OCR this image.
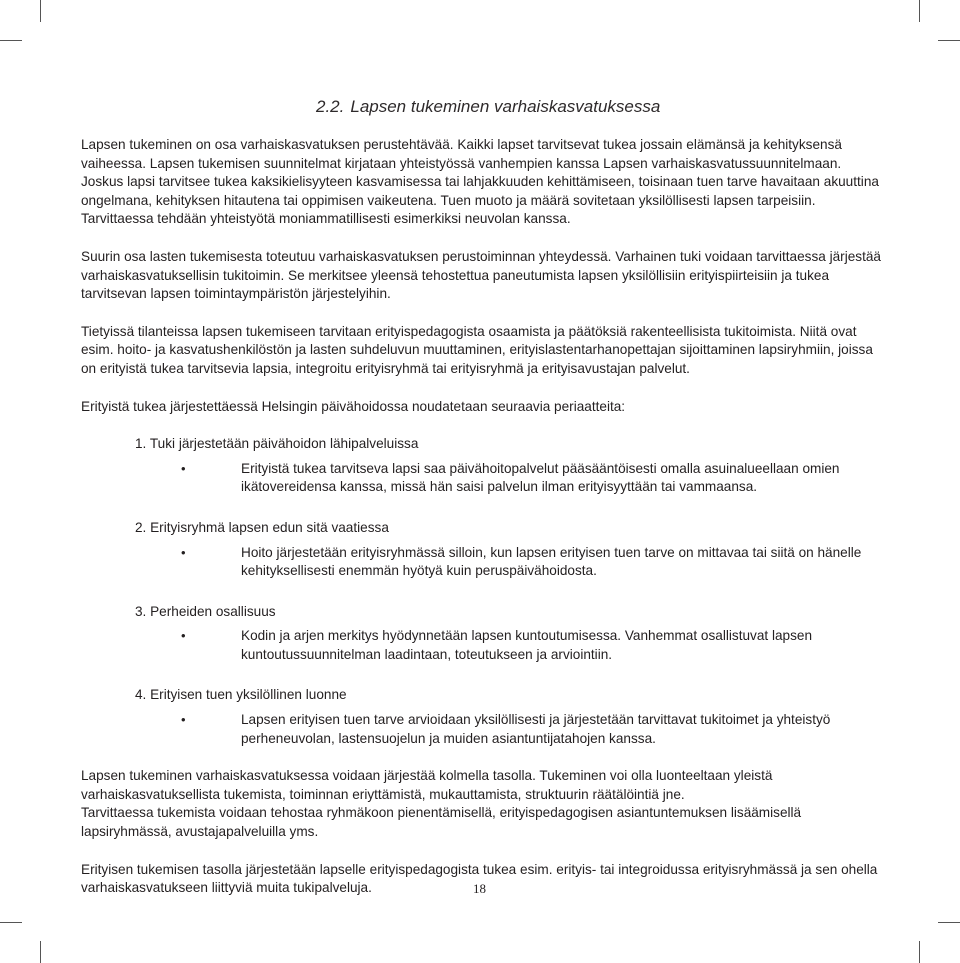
2.2. Lapsen tukeminen varhaiskasvatuksessa

Lapsen tukeminen on osa varhaiskasvatuksen perustehtävää. Kaikki lapset tarvitsevat tukea jossain elämänsä ja kehityksensä vaiheessa. Lapsen tukemisen suunnitelmat kirjataan yhteistyössä vanhempien kanssa Lapsen varhaiskasvatussuunnitelmaan. Joskus lapsi tarvitsee tukea kaksikielisyyteen kasvamisessa tai lahjakkuuden kehittämiseen, toisinaan tuen tarve havaitaan akuuttina ongelmana, kehityksen hitautena tai oppimisen vaikeutena. Tuen muoto ja määrä sovitetaan yksilöllisesti lapsen tarpeisiin. Tarvittaessa tehdään yhteistyötä moniammatillisesti esimerkiksi neuvolan kanssa.

Suurin osa lasten tukemisesta toteutuu varhaiskasvatuksen perustoiminnan yhteydessä. Varhainen tuki voidaan tarvittaessa järjestää varhaiskasvatuksellisin tukitoimin. Se merkitsee yleensä tehostettua paneutumista lapsen yksilöllisiin erityispiirteisiin ja tukea tarvitsevan lapsen toimintaympäristön järjestelyihin.

Tietyissä tilanteissa lapsen tukemiseen tarvitaan erityispedagogista osaamista ja päätöksiä rakenteellisista tukitoimista. Niitä ovat esim. hoito- ja kasvatushenkilöstön ja lasten suhdeluvun muuttaminen, erityislastentarhanopettajan sijoittaminen lapsiryhmiin, joissa on erityistä tukea tarvitsevia lapsia, integroitu erityisryhmä tai erityisryhmä ja erityisavustajan palvelut.

Erityistä tukea järjestettäessä Helsingin päivähoidossa noudatetaan seuraavia periaatteita:

1. Tuki järjestetään päivähoidon lähipalveluissa
•	Erityistä tukea tarvitseva lapsi saa päivähoitopalvelut pääsääntöisesti omalla asuinalueellaan omien ikätovereidensa kanssa, missä hän saisi palvelun ilman erityisyyttään tai vammaansa.
2. Erityisryhmä lapsen edun sitä vaatiessa
•	Hoito järjestetään erityisryhmässä silloin, kun lapsen erityisen tuen tarve on mittavaa tai siitä on hänelle kehityksellisesti enemmän hyötyä kuin peruspäivähoidosta.
3. Perheiden osallisuus
•	Kodin ja arjen merkitys hyödynnetään lapsen kuntoutumisessa. Vanhemmat osallistuvat lapsen kuntoutussuunnitelman laadintaan, toteutukseen ja arviointiin.
4. Erityisen tuen yksilöllinen luonne
•	Lapsen erityisen tuen tarve arvioidaan yksilöllisesti ja järjestetään tarvittavat tukitoimet ja yhteistyö perheneuvolan, lastensuojelun ja muiden asiantuntijatahojen kanssa.

Lapsen tukeminen varhaiskasvatuksessa voidaan järjestää kolmella tasolla. Tukeminen voi olla luonteeltaan yleistä varhaiskasvatuksellista tukemista, toiminnan eriyttämistä, mukauttamista, struktuurin räätälöintiä jne.

Tarvittaessa tukemista voidaan tehostaa ryhmäkoon pienentämisellä, erityispedagogisen asiantuntemuksen lisäämisellä lapsiryhmässä, avustajapalveluilla yms.

Erityisen tukemisen tasolla järjestetään lapselle erityispedagogista tukea esim. erityis- tai integroidussa erityisryhmässä ja sen ohella varhaiskasvatukseen liittyviä muita tukipalveluja.	18
